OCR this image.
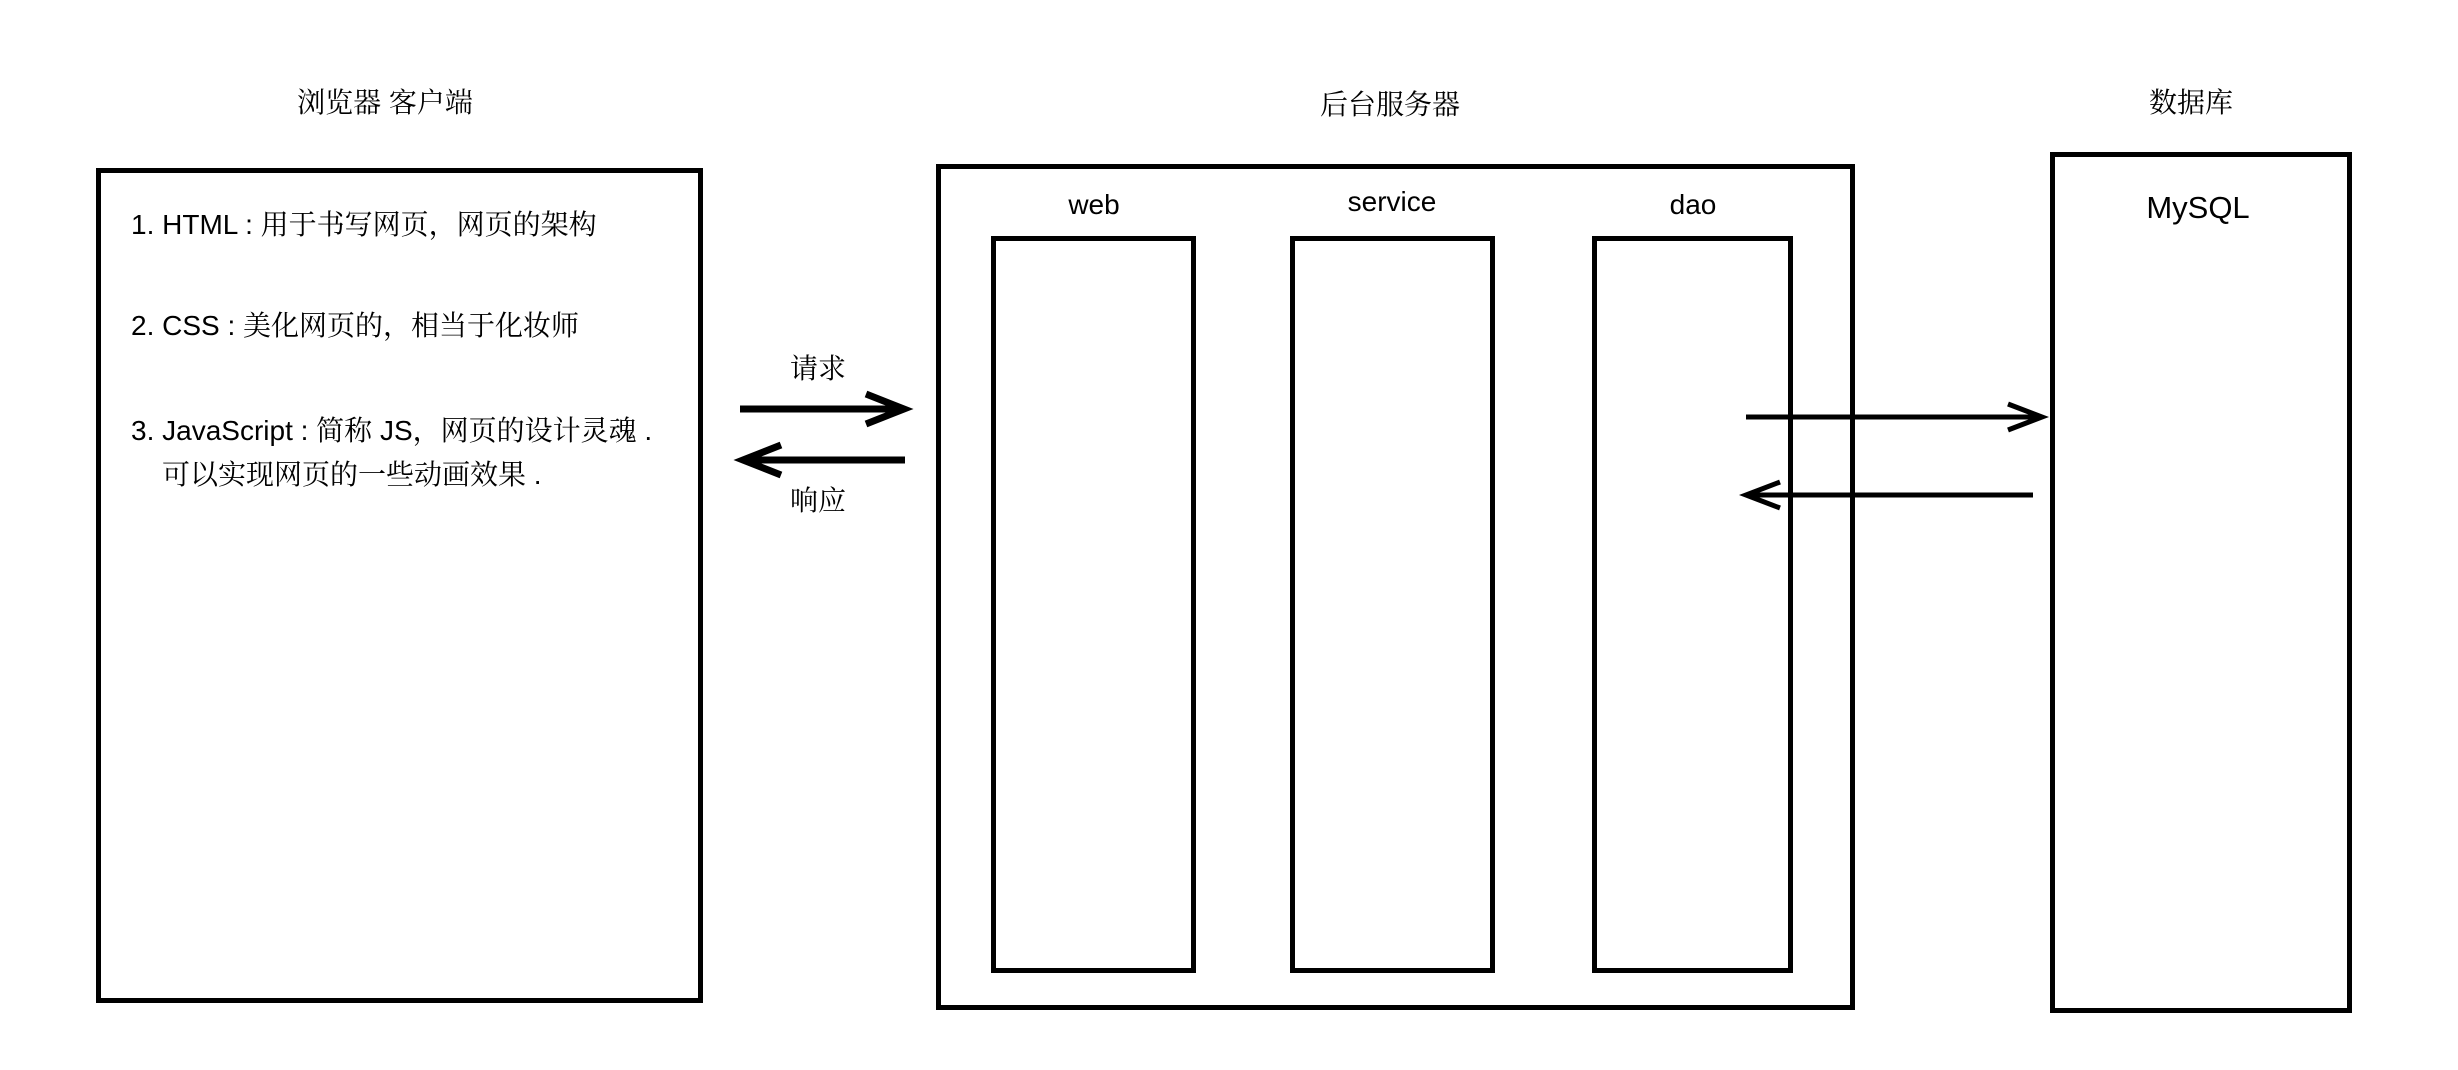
浏览器 客户端
1. HTML : 用于书写网页，网页的架构
2. CSS : 美化网页的，相当于化妆师
3. JavaScript : 简称 JS，网页的设计灵魂 .
可以实现网页的一些动画效果 .
请求
响应
后台服务器
web	service	dao
数据库
MySQL
